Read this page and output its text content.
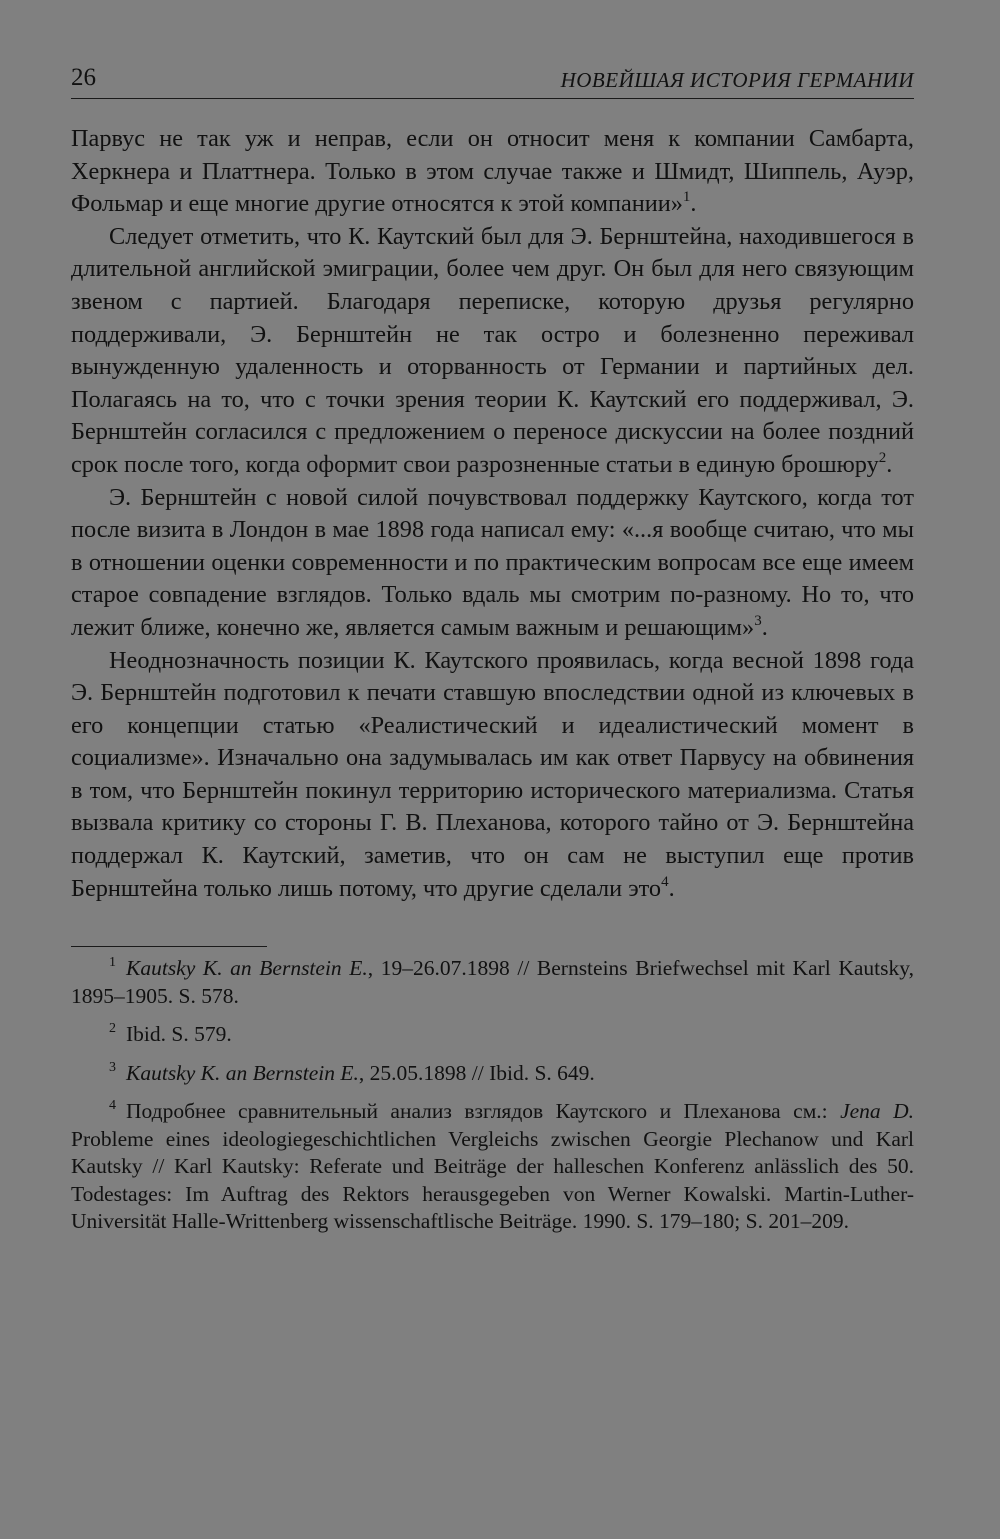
26	НОВЕЙШАЯ ИСТОРИЯ ГЕРМАНИИ

Парвус не так уж и неправ, если он относит меня к компании Самбарта, Херкнера и Платтнера. Только в этом случае также и Шмидт, Шиппель, Ауэр, Фольмар и еще многие другие относятся к этой компании»$^1$.

Следует отметить, что К. Каутский был для Э. Бернштейна, находившегося в длительной английской эмиграции, более чем друг. Он был для него связующим звеном с партией. Благодаря переписке, которую друзья регулярно поддерживали, Э. Бернштейн не так остро и болезненно переживал вынужденную удаленность и оторванность от Германии и партийных дел. Полагаясь на то, что с точки зрения теории К. Каутский его поддерживал, Э. Бернштейн согласился с предложением о переносе дискуссии на более поздний срок после того, когда оформит свои разрозненные статьи в единую брошюру$^2$.

Э. Бернштейн с новой силой почувствовал поддержку Каутского, когда тот после визита в Лондон в мае 1898 года написал ему: «...я вообще считаю, что мы в отношении оценки современности и по практическим вопросам все еще имеем старое совпадение взглядов. Только вдаль мы смотрим по-разному. Но то, что лежит ближе, конечно же, является самым важным и решающим»$^3$.

Неоднозначность позиции К. Каутского проявилась, когда весной 1898 года Э. Бернштейн подготовил к печати ставшую впоследствии одной из ключевых в его концепции статью «Реалистический и идеалистический момент в социализме». Изначально она задумывалась им как ответ Парвусу на обвинения в том, что Бернштейн покинул территорию исторического материализма. Статья вызвала критику со стороны Г. В. Плеханова, которого тайно от Э. Бернштейна поддержал К. Каутский, заметив, что он сам не выступил еще против Бернштейна только лишь потому, что другие сделали это$^4$.

$^1$ Kautsky K. an Bernstein E., 19–26.07.1898 // Bernsteins Briefwechsel mit Karl Kautsky, 1895–1905. S. 578.

$^2$ Ibid. S. 579.

$^3$ Kautsky K. an Bernstein E., 25.05.1898 // Ibid. S. 649.

$^4$ Подробнее сравнительный анализ взглядов Каутского и Плеханова см.: Jena D. Probleme eines ideologiegeschichtlichen Vergleichs zwischen Georgie Plechanow und Karl Kautsky // Karl Kautsky: Referate und Beiträge der halleschen Konferenz anlässlich des 50. Todestages: Im Auftrag des Rektors herausgegeben von Werner Kowalski. Martin-Luther-Universität Halle-Writtenberg wissenschaftlische Beiträge. 1990. S. 179–180; S. 201–209.
